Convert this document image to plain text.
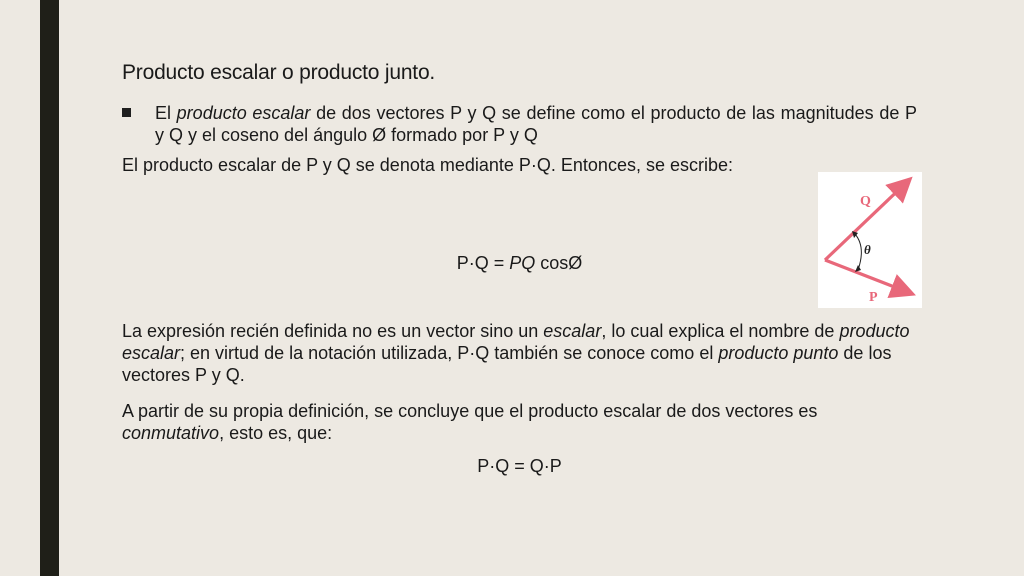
Producto escalar o producto junto.
El producto escalar de dos vectores P y Q se define como el producto de las magnitudes de P y Q y el coseno del ángulo Ø formado por P y Q

El producto escalar de P y Q se denota mediante P·Q. Entonces, se escribe:

P·Q = PQ cosØ

La expresión recién definida no es un vector sino un escalar, lo cual explica el nombre de producto escalar; en virtud de la notación utilizada, P·Q también se conoce como el producto punto de los vectores P y Q.

A partir de su propia definición, se concluye que el producto escalar de dos vectores es conmutativo, esto es, que:

P·Q = Q·P

Q
P
θ
